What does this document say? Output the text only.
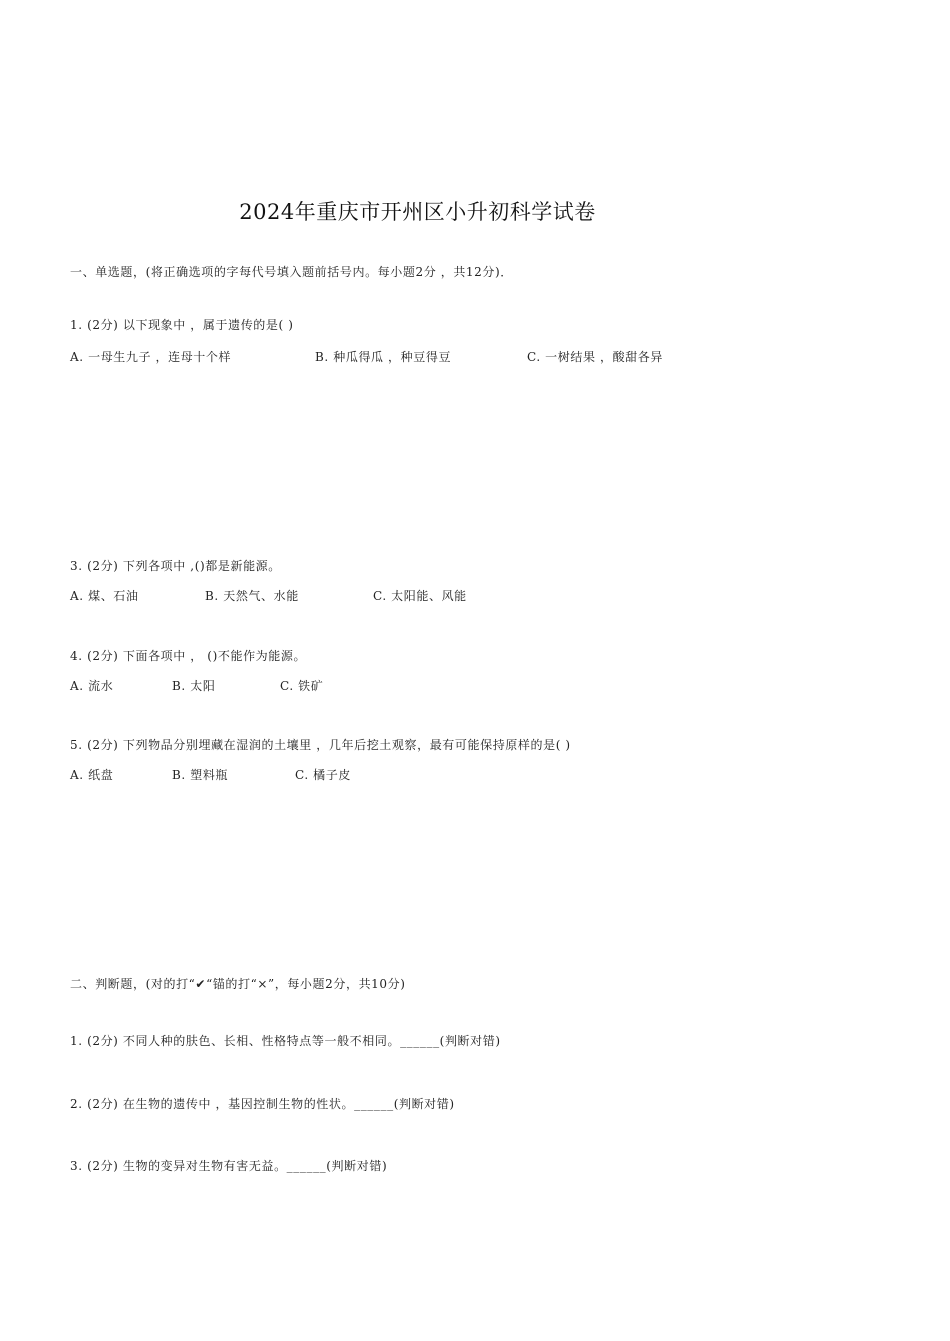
2024年重庆市开州区小升初科学试卷
一、单选题，(将正确选项的字每代号填入题前括号内。每小题2分 ，共12分)．
1. (2分) 以下现象中 ，属于遗传的是( )
A. 一母生九子 ，连母十个样	B. 种瓜得瓜 ，种豆得豆	C. 一树结果 ，酸甜各异
3. (2分) 下列各项中 ,()都是新能源。
A. 煤、石油	B. 天然气、水能	C. 太阳能、风能
4. (2分) 下面各项中 ， ()不能作为能源。
A. 流水	B. 太阳	C. 铁矿
5. (2分) 下列物品分别埋藏在湿润的土壤里 ，几年后挖土观察，最有可能保持原样的是( )
A. 纸盘	B. 塑料瓶	C. 橘子皮
二、判断题，(对的打“✔“锚的打“×”，每小题2分，共10分)
1. (2分) 不同人种的肤色、长相、性格特点等一般不相同。______(判断对错)
2. (2分) 在生物的遗传中 ，基因控制生物的性状。______(判断对错)
3. (2分) 生物的变异对生物有害无益。______(判断对错)
